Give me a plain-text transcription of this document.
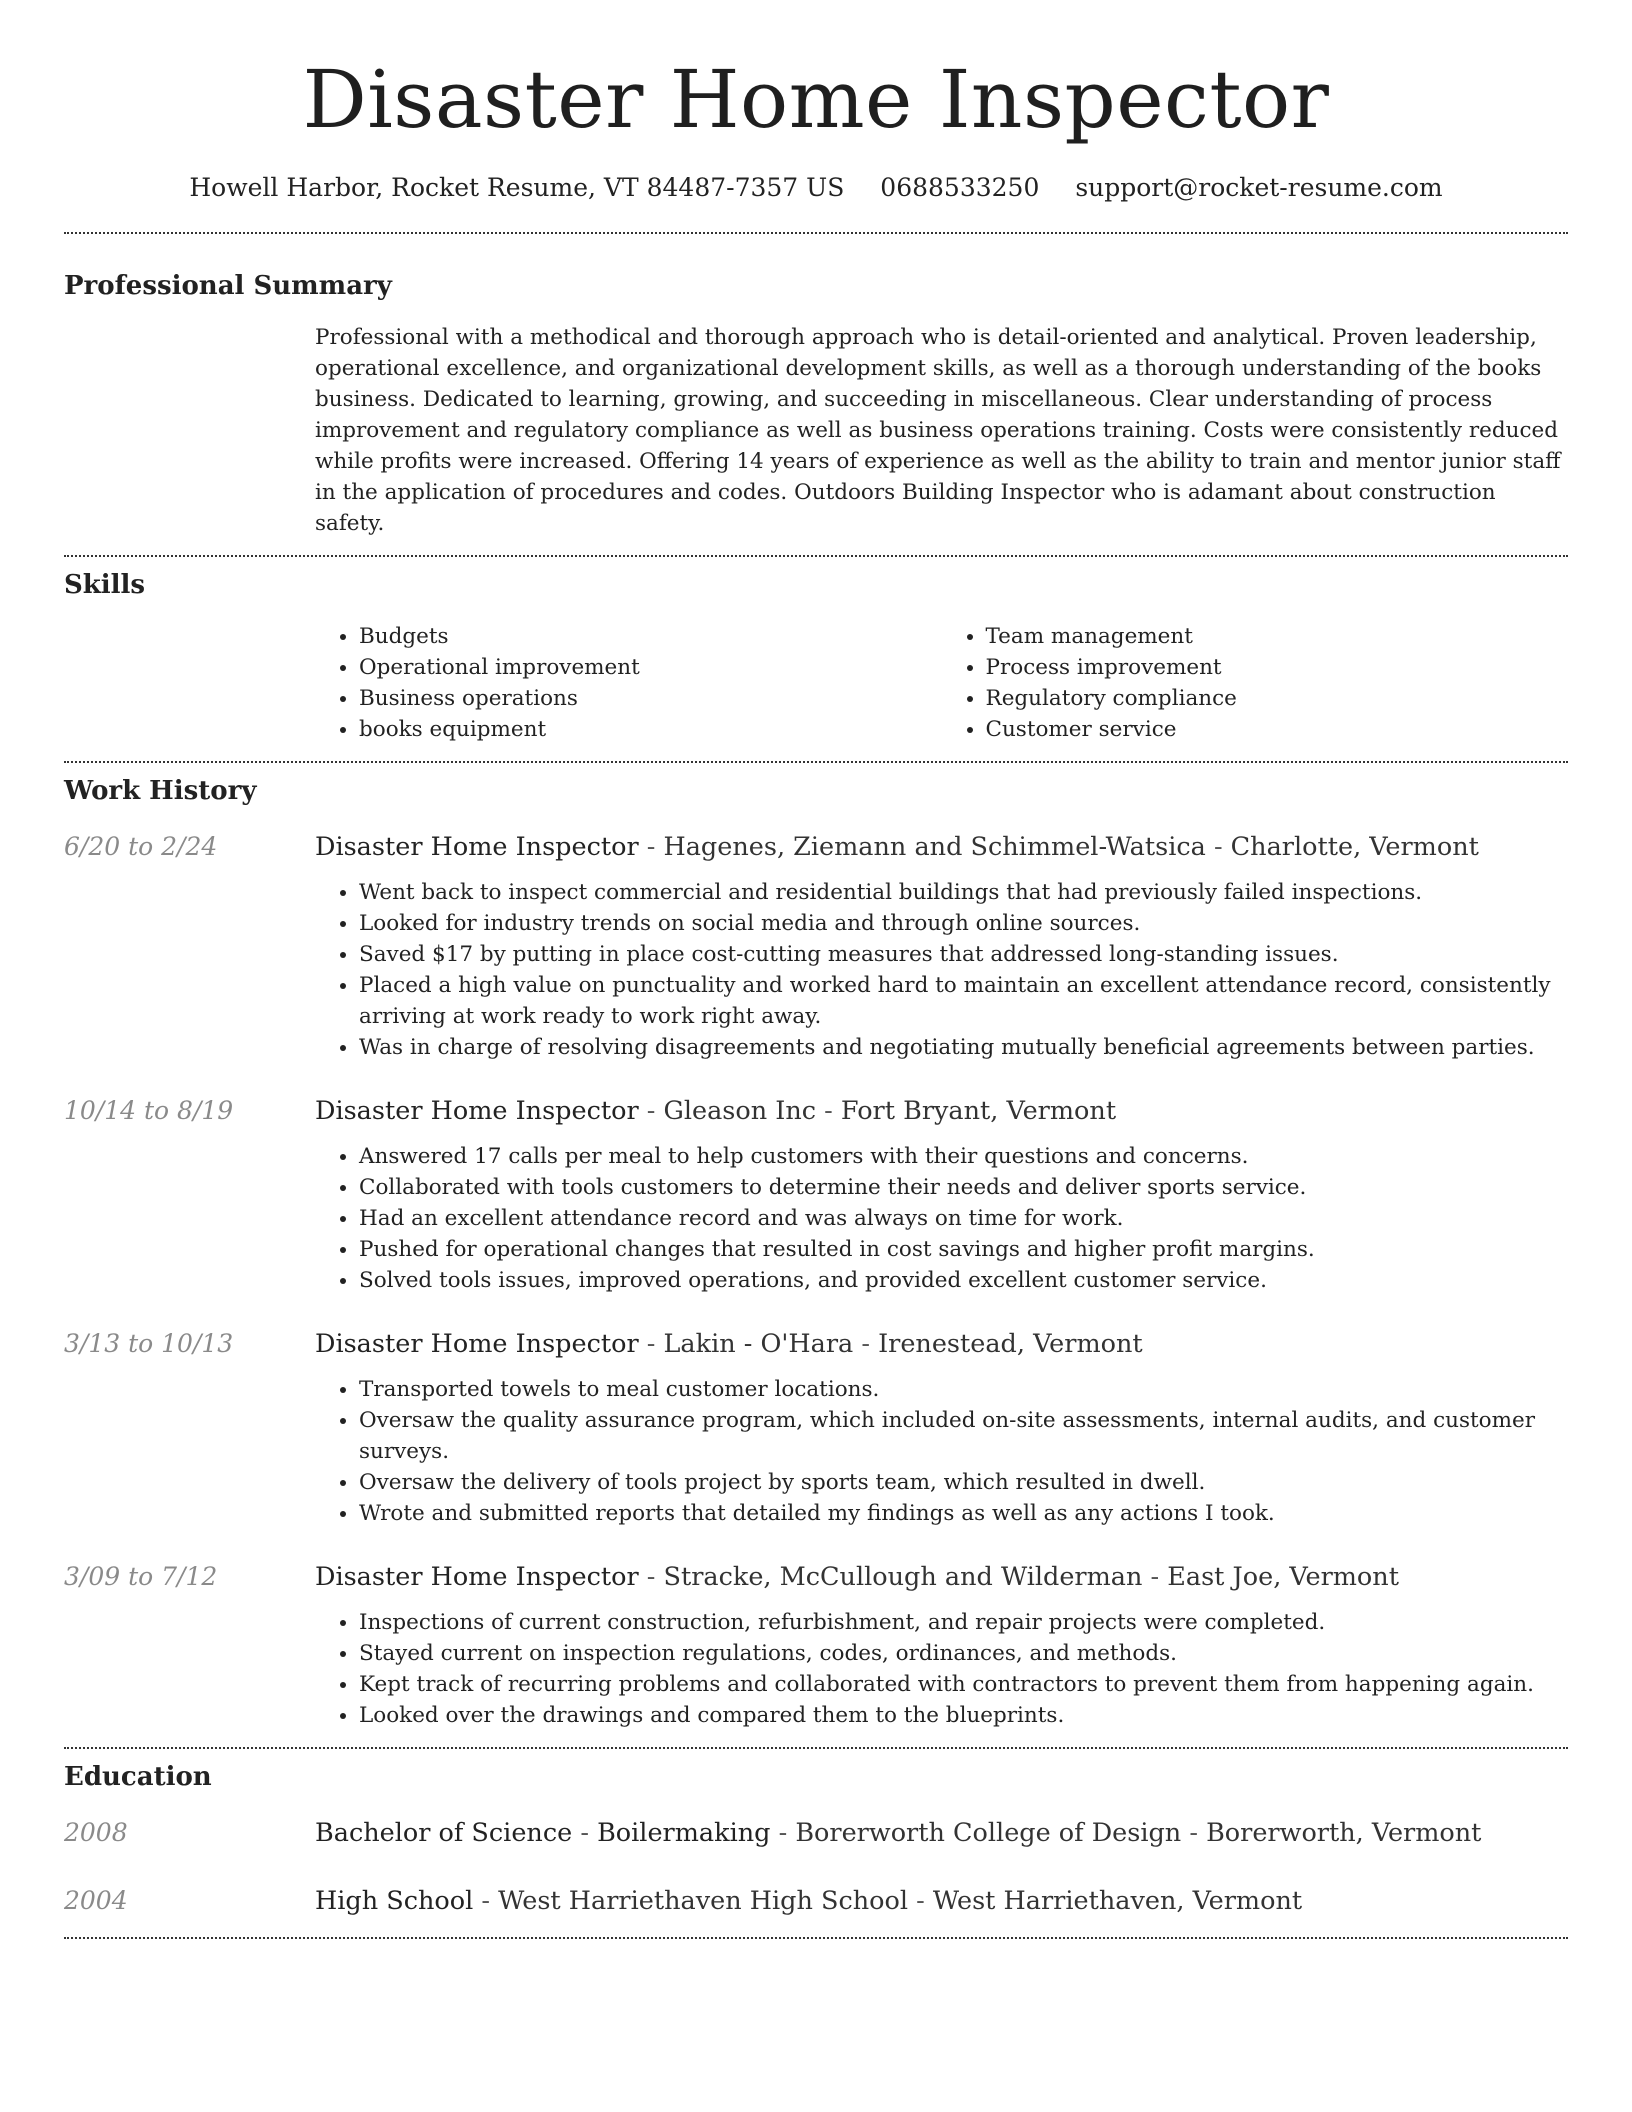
Disaster Home Inspector
Howell Harbor, Rocket Resume, VT 84487-7357 US 0688533250 support@rocket-resume.com
Professional Summary

Professional with a methodical and thorough approach who is detail-oriented and analytical. Proven leadership, operational excellence, and organizational development skills, as well as a thorough understanding of the books business. Dedicated to learning, growing, and succeeding in miscellaneous. Clear understanding of process improvement and regulatory compliance as well as business operations training. Costs were consistently reduced while profits were increased. Offering 14 years of experience as well as the ability to train and mentor junior staff in the application of procedures and codes. Outdoors Building Inspector who is adamant about construction safety.

Skills
• Budgets
• Operational improvement
• Business operations
• books equipment
• Team management
• Process improvement
• Regulatory compliance
• Customer service
Work History
6/20 to 2/24	Disaster Home Inspector - Hagenes, Ziemann and Schimmel-Watsica - Charlotte, Vermont
• Went back to inspect commercial and residential buildings that had previously failed inspections.
• Looked for industry trends on social media and through online sources.
• Saved $17 by putting in place cost-cutting measures that addressed long-standing issues.
• Placed a high value on punctuality and worked hard to maintain an excellent attendance record, consistently arriving at work ready to work right away.
• Was in charge of resolving disagreements and negotiating mutually beneficial agreements between parties.
10/14 to 8/19	Disaster Home Inspector - Gleason Inc - Fort Bryant, Vermont
• Answered 17 calls per meal to help customers with their questions and concerns.
• Collaborated with tools customers to determine their needs and deliver sports service.
• Had an excellent attendance record and was always on time for work.
• Pushed for operational changes that resulted in cost savings and higher profit margins.
• Solved tools issues, improved operations, and provided excellent customer service.
3/13 to 10/13	Disaster Home Inspector - Lakin - O'Hara - Irenestead, Vermont
• Transported towels to meal customer locations.
• Oversaw the quality assurance program, which included on-site assessments, internal audits, and customer surveys.
• Oversaw the delivery of tools project by sports team, which resulted in dwell.
• Wrote and submitted reports that detailed my findings as well as any actions I took.
3/09 to 7/12	Disaster Home Inspector - Stracke, McCullough and Wilderman - East Joe, Vermont
• Inspections of current construction, refurbishment, and repair projects were completed.
• Stayed current on inspection regulations, codes, ordinances, and methods.
• Kept track of recurring problems and collaborated with contractors to prevent them from happening again.
• Looked over the drawings and compared them to the blueprints.
Education
2008	Bachelor of Science - Boilermaking - Borerworth College of Design - Borerworth, Vermont
2004	High School - West Harriethaven High School - West Harriethaven, Vermont
